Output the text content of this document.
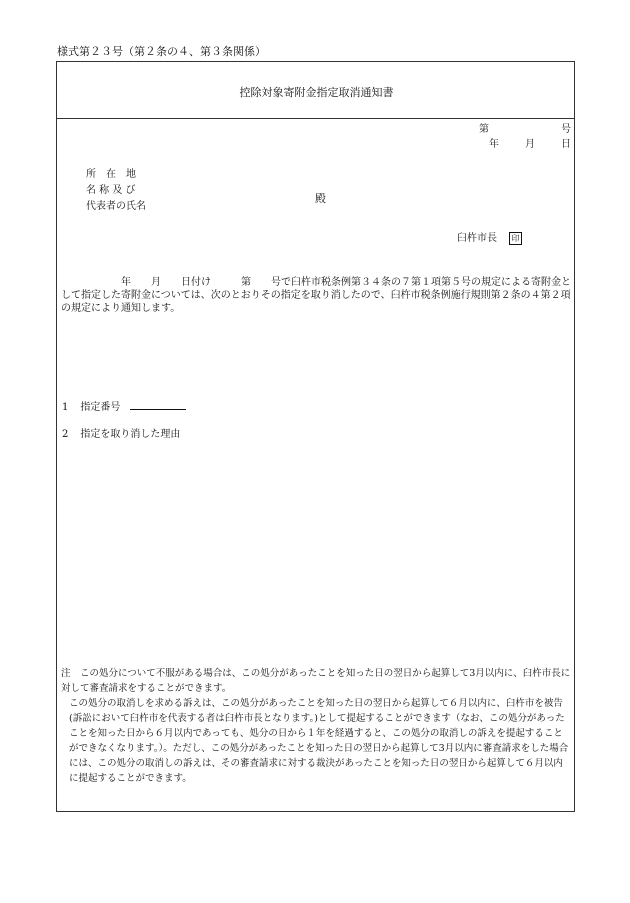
様式第２３号（第２条の４、第３条関係）
控除対象寄附金指定取消通知書
第	号
年	月	日
所　在　地
名 称 及 び
代表者の氏名
殿
臼杵市長 印
　　　　　　年　　月　　日付け　　　第　　号で臼杵市税条例第３４条の７第１項第５号の規定による寄附金として指定した寄附金については、次のとおりその指定を取り消したので、臼杵市税条例施行規則第２条の４第２項の規定により通知します。
1 指定番号
2 指定を取り消した理由
注　この処分について不服がある場合は、この処分があったことを知った日の翌日から起算して3月以内に、臼杵市長に対して審査請求をすることができます。
この処分の取消しを求める訴えは、この処分があったことを知った日の翌日から起算して６月以内に、臼杵市を被告(訴訟において臼杵市を代表する者は臼杵市長となります。)として提起することができます（なお、この処分があったことを知った日から６月以内であっても、処分の日から１年を経過すると、この処分の取消しの訴えを提起することができなくなります。）。ただし、この処分があったことを知った日の翌日から起算して3月以内に審査請求をした場合には、この処分の取消しの訴えは、その審査請求に対する裁決があったことを知った日の翌日から起算して６月以内に提起することができます。
